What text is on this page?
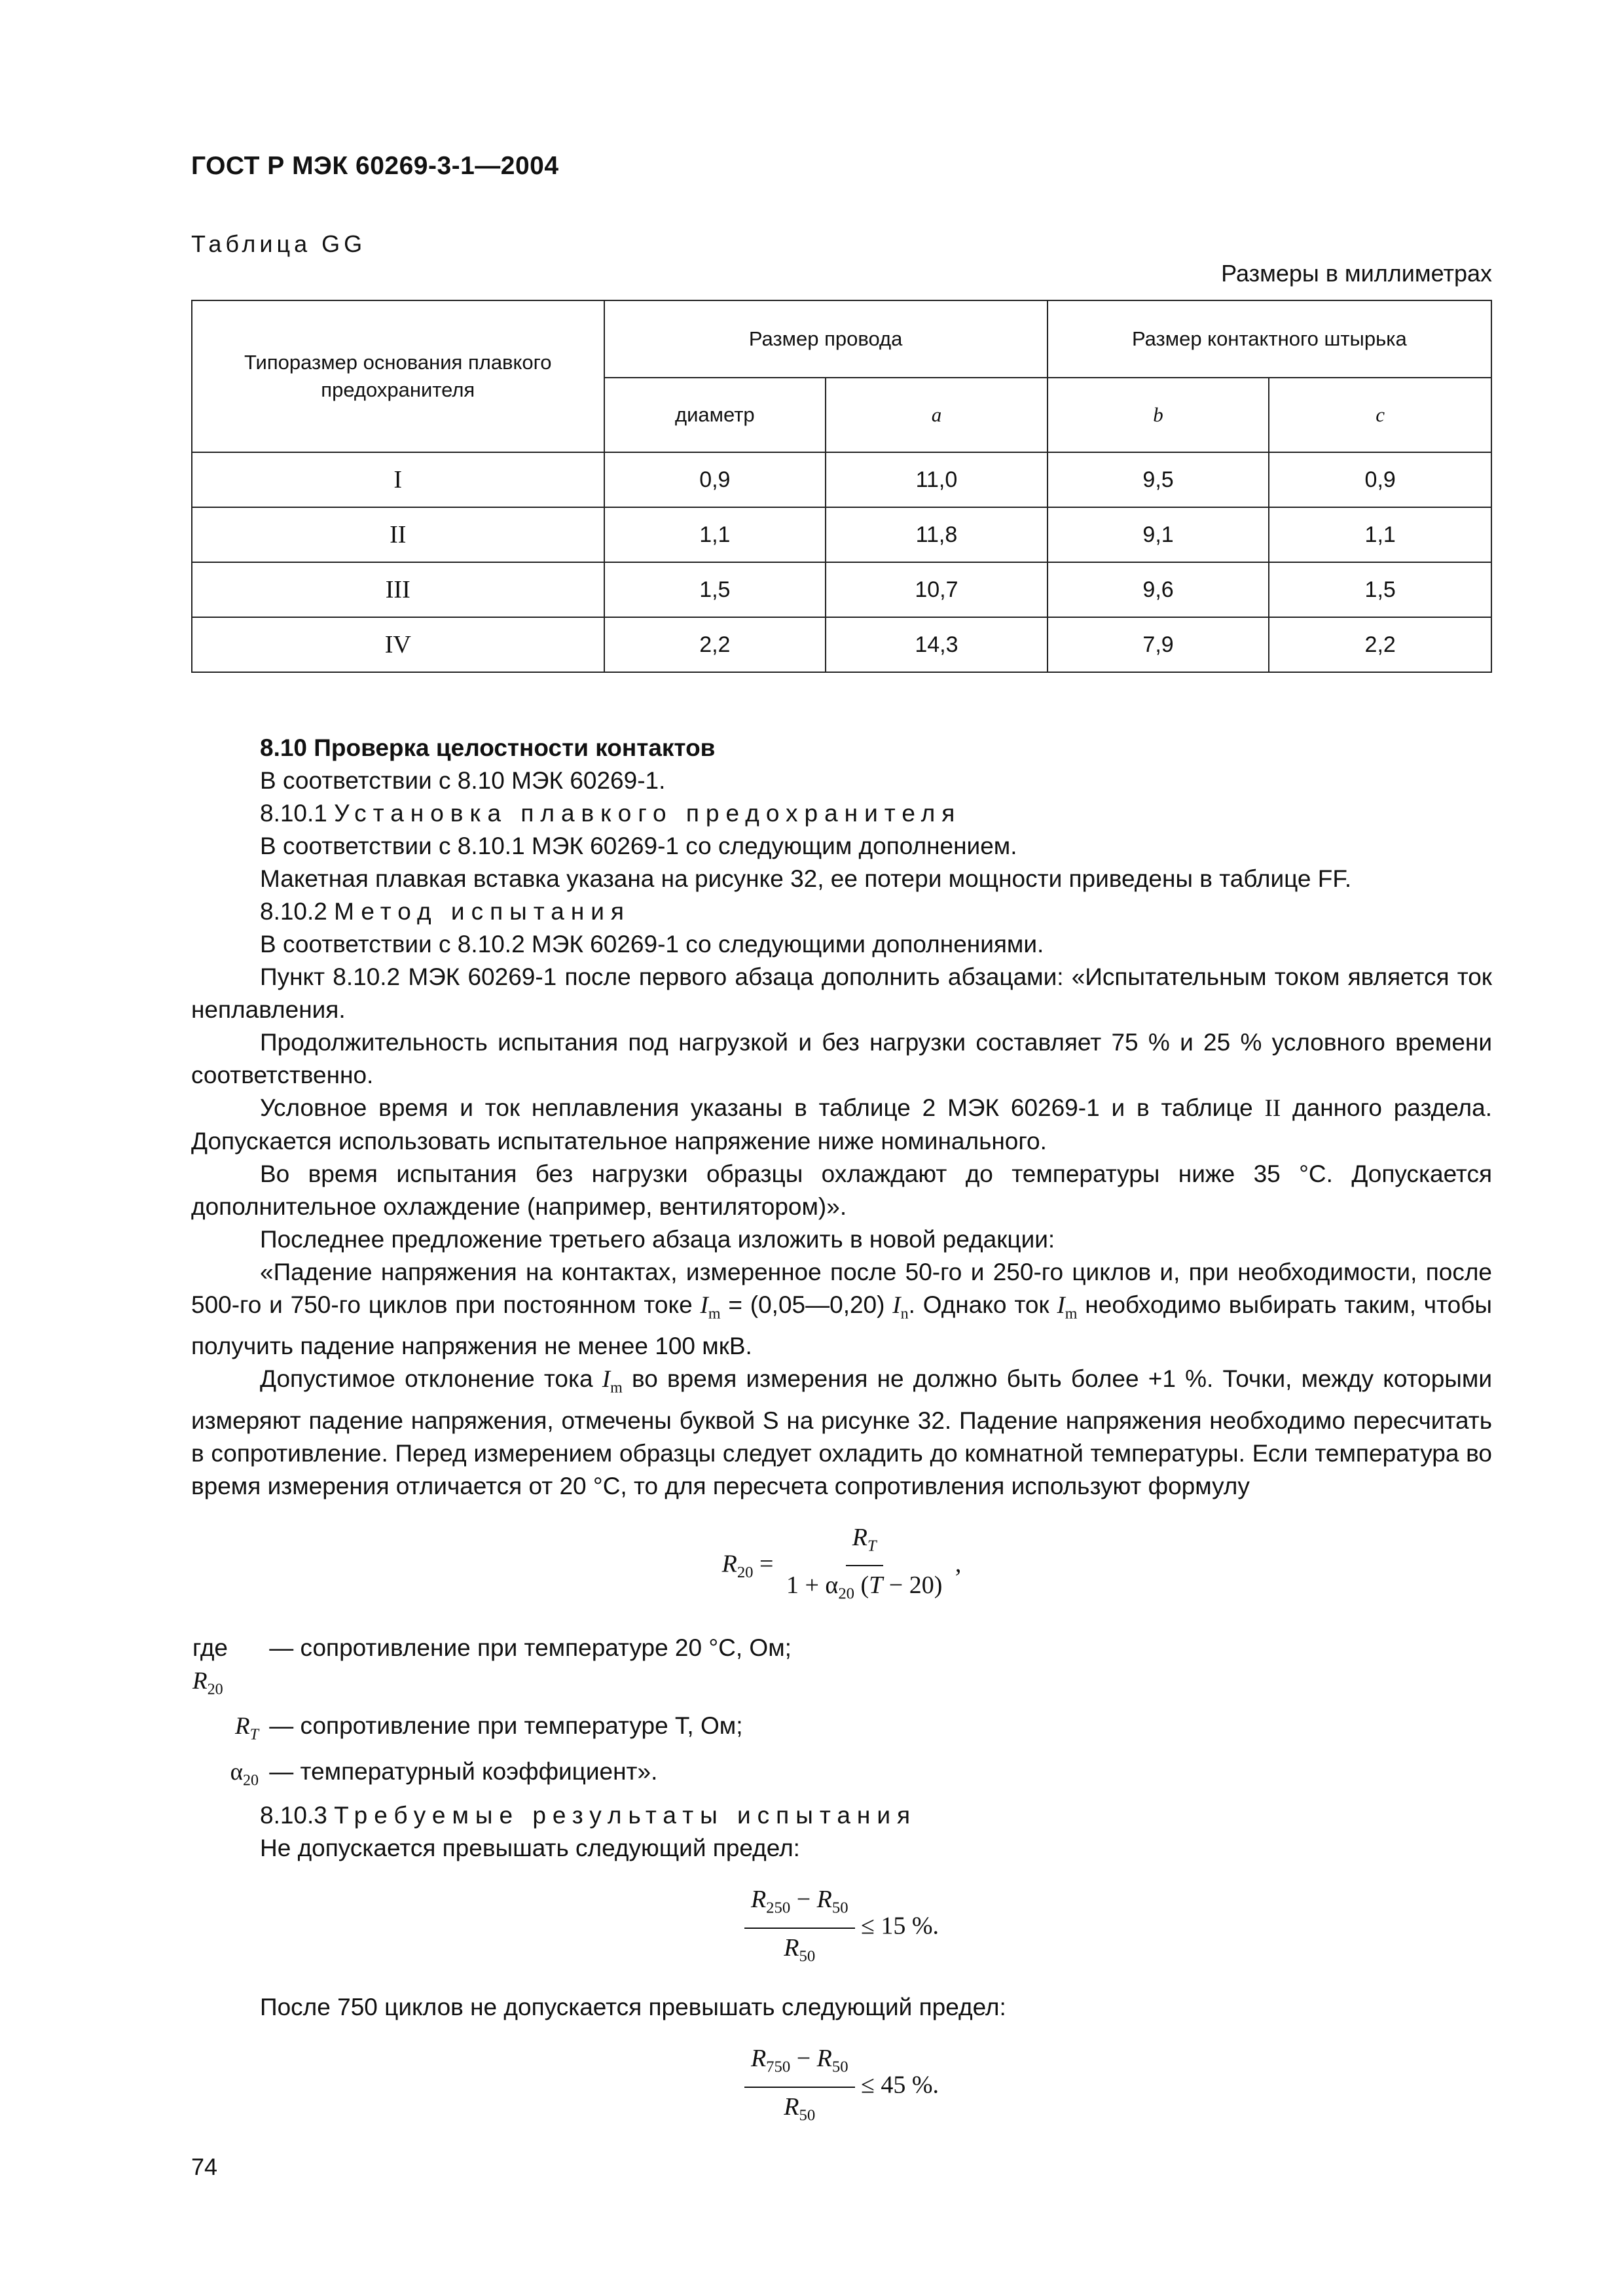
ГОСТ Р МЭК 60269-3-1—2004
Таблица GG
Размеры в миллиметрах
Типоразмер основания плавкого предохранителя	Размер провода		Размер контактного штырька	
	диаметр	a	b	c
I	0,9	11,0	9,5	0,9
II	1,1	11,8	9,1	1,1
III	1,5	10,7	9,6	1,5
IV	2,2	14,3	7,9	2,2

8.10 Проверка целостности контактов

В соответствии с 8.10 МЭК 60269-1.

8.10.1 Установка плавкого предохранителя

В соответствии с 8.10.1 МЭК 60269-1 со следующим дополнением.

Макетная плавкая вставка указана на рисунке 32, ее потери мощности приведены в таблице FF.

8.10.2 Метод испытания

В соответствии с 8.10.2 МЭК 60269-1 со следующими дополнениями.

Пункт 8.10.2 МЭК 60269-1 после первого абзаца дополнить абзацами: «Испытательным током является ток неплавления.

Продолжительность испытания под нагрузкой и без нагрузки составляет 75 % и 25 % условного времени соответственно.

Условное время и ток неплавления указаны в таблице 2 МЭК 60269-1 и в таблице II данного раздела. Допускается использовать испытательное напряжение ниже номинального.

Во время испытания без нагрузки образцы охлаждают до температуры ниже 35 °С. Допускается дополнительное охлаждение (например, вентилятором)».

Последнее предложение третьего абзаца изложить в новой редакции:

«Падение напряжения на контактах, измеренное после 50-го и 250-го циклов и, при необходимости, после 500-го и 750-го циклов при постоянном токе $I_m$ = (0,05—0,20) $I_n$. Однако ток $I_m$ необходимо выбирать таким, чтобы получить падение напряжения не менее 100 мкВ.

Допустимое отклонение тока $I_m$ во время измерения не должно быть более +1 %. Точки, между которыми измеряют падение напряжения, отмечены буквой S на рисунке 32. Падение напряжения необходимо пересчитать в сопротивление. Перед измерением образцы следует охладить до комнатной температуры. Если температура во время измерения отличается от 20 °С, то для пересчета сопротивления используют формулу

$R_{20} = \frac{R_T}{1 + \alpha_{20} (T - 20)}$ ,
где $R_{20}$	— сопротивление при температуре 20 °С, Ом;
$R_T$	— сопротивление при температуре T, Ом;
$\alpha_{20}$	— температурный коэффициент».

8.10.3 Требуемые результаты испытания

Не допускается превышать следующий предел:

$\frac{R_{250} - R_{50}}{R_{50}} \le 15$ %.

После 750 циклов не допускается превышать следующий предел:

$\frac{R_{750} - R_{50}}{R_{50}} \le 45$ %.
74
